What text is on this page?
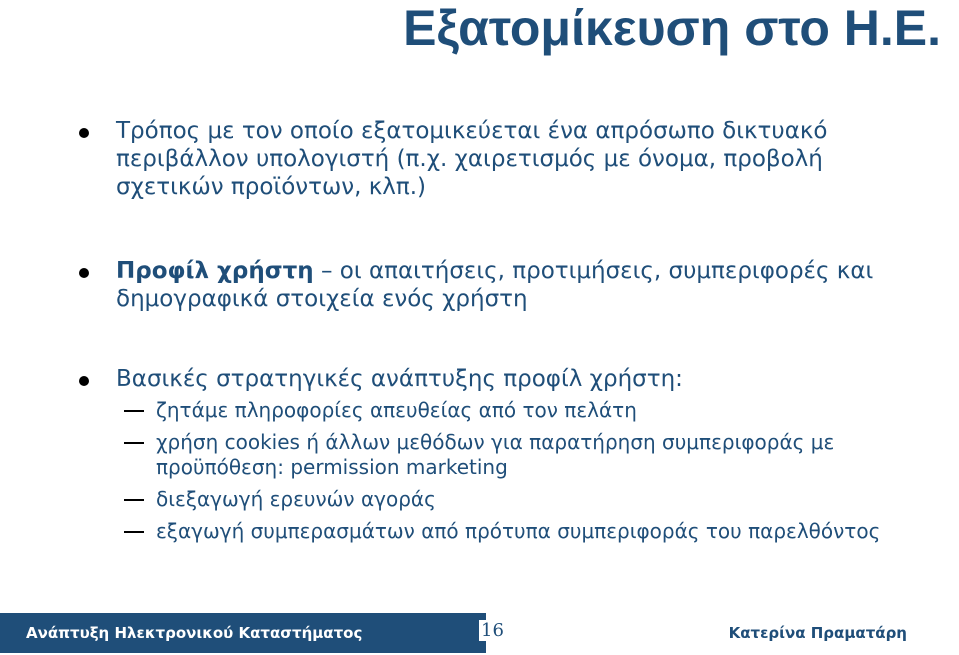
Εξατομίκευση στο Η.Ε.
Τρόπος με τον οποίο εξατομικεύεται ένα απρόσωπο δικτυακό περιβάλλον υπολογιστή (π.χ. χαιρετισμός με όνομα, προβολή σχετικών προϊόντων, κλπ.)
Προφίλ χρήστη – οι απαιτήσεις, προτιμήσεις, συμπεριφορές και δημογραφικά στοιχεία ενός χρήστη
Βασικές στρατηγικές ανάπτυξης προφίλ χρήστη:
ζητάμε πληροφορίες απευθείας από τον πελάτη
χρήση cookies ή άλλων μεθόδων για παρατήρηση συμπεριφοράς με προϋπόθεση: permission marketing
διεξαγωγή ερευνών αγοράς
εξαγωγή συμπερασμάτων από πρότυπα συμπεριφοράς του παρελθόντος
Ανάπτυξη Ηλεκτρονικού Καταστήματος	16	Κατερίνα Πραματάρη
